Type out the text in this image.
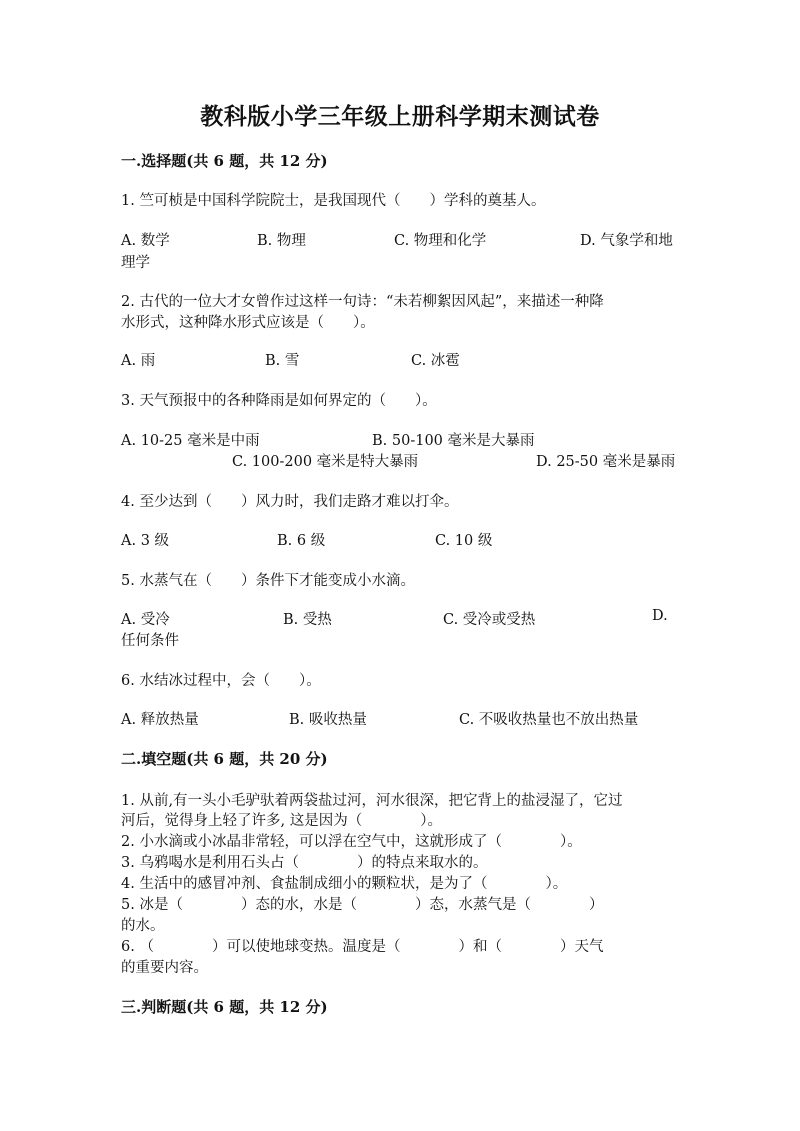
教科版小学三年级上册科学期末测试卷
一.选择题(共 6 题，共 12 分)
1. 竺可桢是中国科学院院士，是我国现代（　　）学科的奠基人。
A. 数学	B. 物理	C. 物理和化学	D. 气象学和地
理学
2. 古代的一位大才女曾作过这样一句诗：“未若柳絮因风起”，来描述一种降
水形式，这种降水形式应该是（　　）。
A. 雨	B. 雪	C. 冰雹
3. 天气预报中的各种降雨是如何界定的（　　）。
A. 10-25 毫米是中雨	B. 50-100 毫米是大暴雨
C. 100-200 毫米是特大暴雨	D. 25-50 毫米是暴雨
4. 至少达到（　　）风力时，我们走路才难以打伞。
A. 3 级	B. 6 级	C. 10 级
5. 水蒸气在（　　）条件下才能变成小水滴。
A. 受冷	B. 受热	C. 受冷或受热	D.
任何条件
6. 水结冰过程中，会（　　）。
A. 释放热量	B. 吸收热量	C. 不吸收热量也不放出热量
二.填空题(共 6 题，共 20 分)
1. 从前,有一头小毛驴驮着两袋盐过河，河水很深，把它背上的盐浸湿了，它过
河后，觉得身上轻了许多, 这是因为（　　　　）。
2. 小水滴或小冰晶非常轻，可以浮在空气中，这就形成了（　　　　）。
3. 乌鸦喝水是利用石头占（　　　　）的特点来取水的。
4. 生活中的感冒冲剂、食盐制成细小的颗粒状，是为了（　　　　）。
5. 冰是（　　　　）态的水，水是（　　　　）态，水蒸气是（　　　　）
的水。
6. （　　　　）可以使地球变热。温度是（　　　　）和（　　　　）天气
的重要内容。
三.判断题(共 6 题，共 12 分)
